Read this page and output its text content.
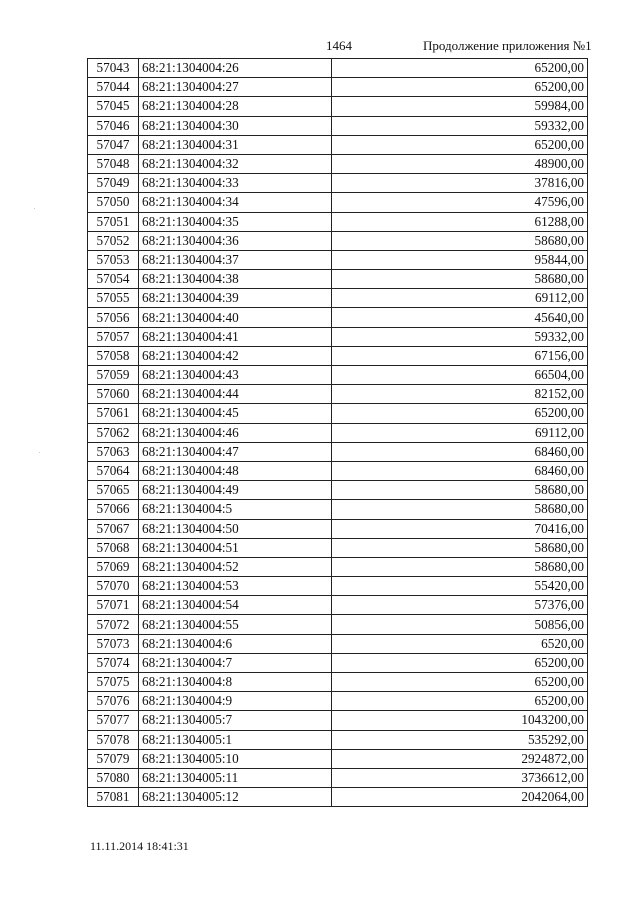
1464	Продолжение приложения №1
57043	68:21:1304004:26	65200,00
57044	68:21:1304004:27	65200,00
57045	68:21:1304004:28	59984,00
57046	68:21:1304004:30	59332,00
57047	68:21:1304004:31	65200,00
57048	68:21:1304004:32	48900,00
57049	68:21:1304004:33	37816,00
57050	68:21:1304004:34	47596,00
57051	68:21:1304004:35	61288,00
57052	68:21:1304004:36	58680,00
57053	68:21:1304004:37	95844,00
57054	68:21:1304004:38	58680,00
57055	68:21:1304004:39	69112,00
57056	68:21:1304004:40	45640,00
57057	68:21:1304004:41	59332,00
57058	68:21:1304004:42	67156,00
57059	68:21:1304004:43	66504,00
57060	68:21:1304004:44	82152,00
57061	68:21:1304004:45	65200,00
57062	68:21:1304004:46	69112,00
57063	68:21:1304004:47	68460,00
57064	68:21:1304004:48	68460,00
57065	68:21:1304004:49	58680,00
57066	68:21:1304004:5	58680,00
57067	68:21:1304004:50	70416,00
57068	68:21:1304004:51	58680,00
57069	68:21:1304004:52	58680,00
57070	68:21:1304004:53	55420,00
57071	68:21:1304004:54	57376,00
57072	68:21:1304004:55	50856,00
57073	68:21:1304004:6	6520,00
57074	68:21:1304004:7	65200,00
57075	68:21:1304004:8	65200,00
57076	68:21:1304004:9	65200,00
57077	68:21:1304005:7	1043200,00
57078	68:21:1304005:1	535292,00
57079	68:21:1304005:10	2924872,00
57080	68:21:1304005:11	3736612,00
57081	68:21:1304005:12	2042064,00
11.11.2014 18:41:31
